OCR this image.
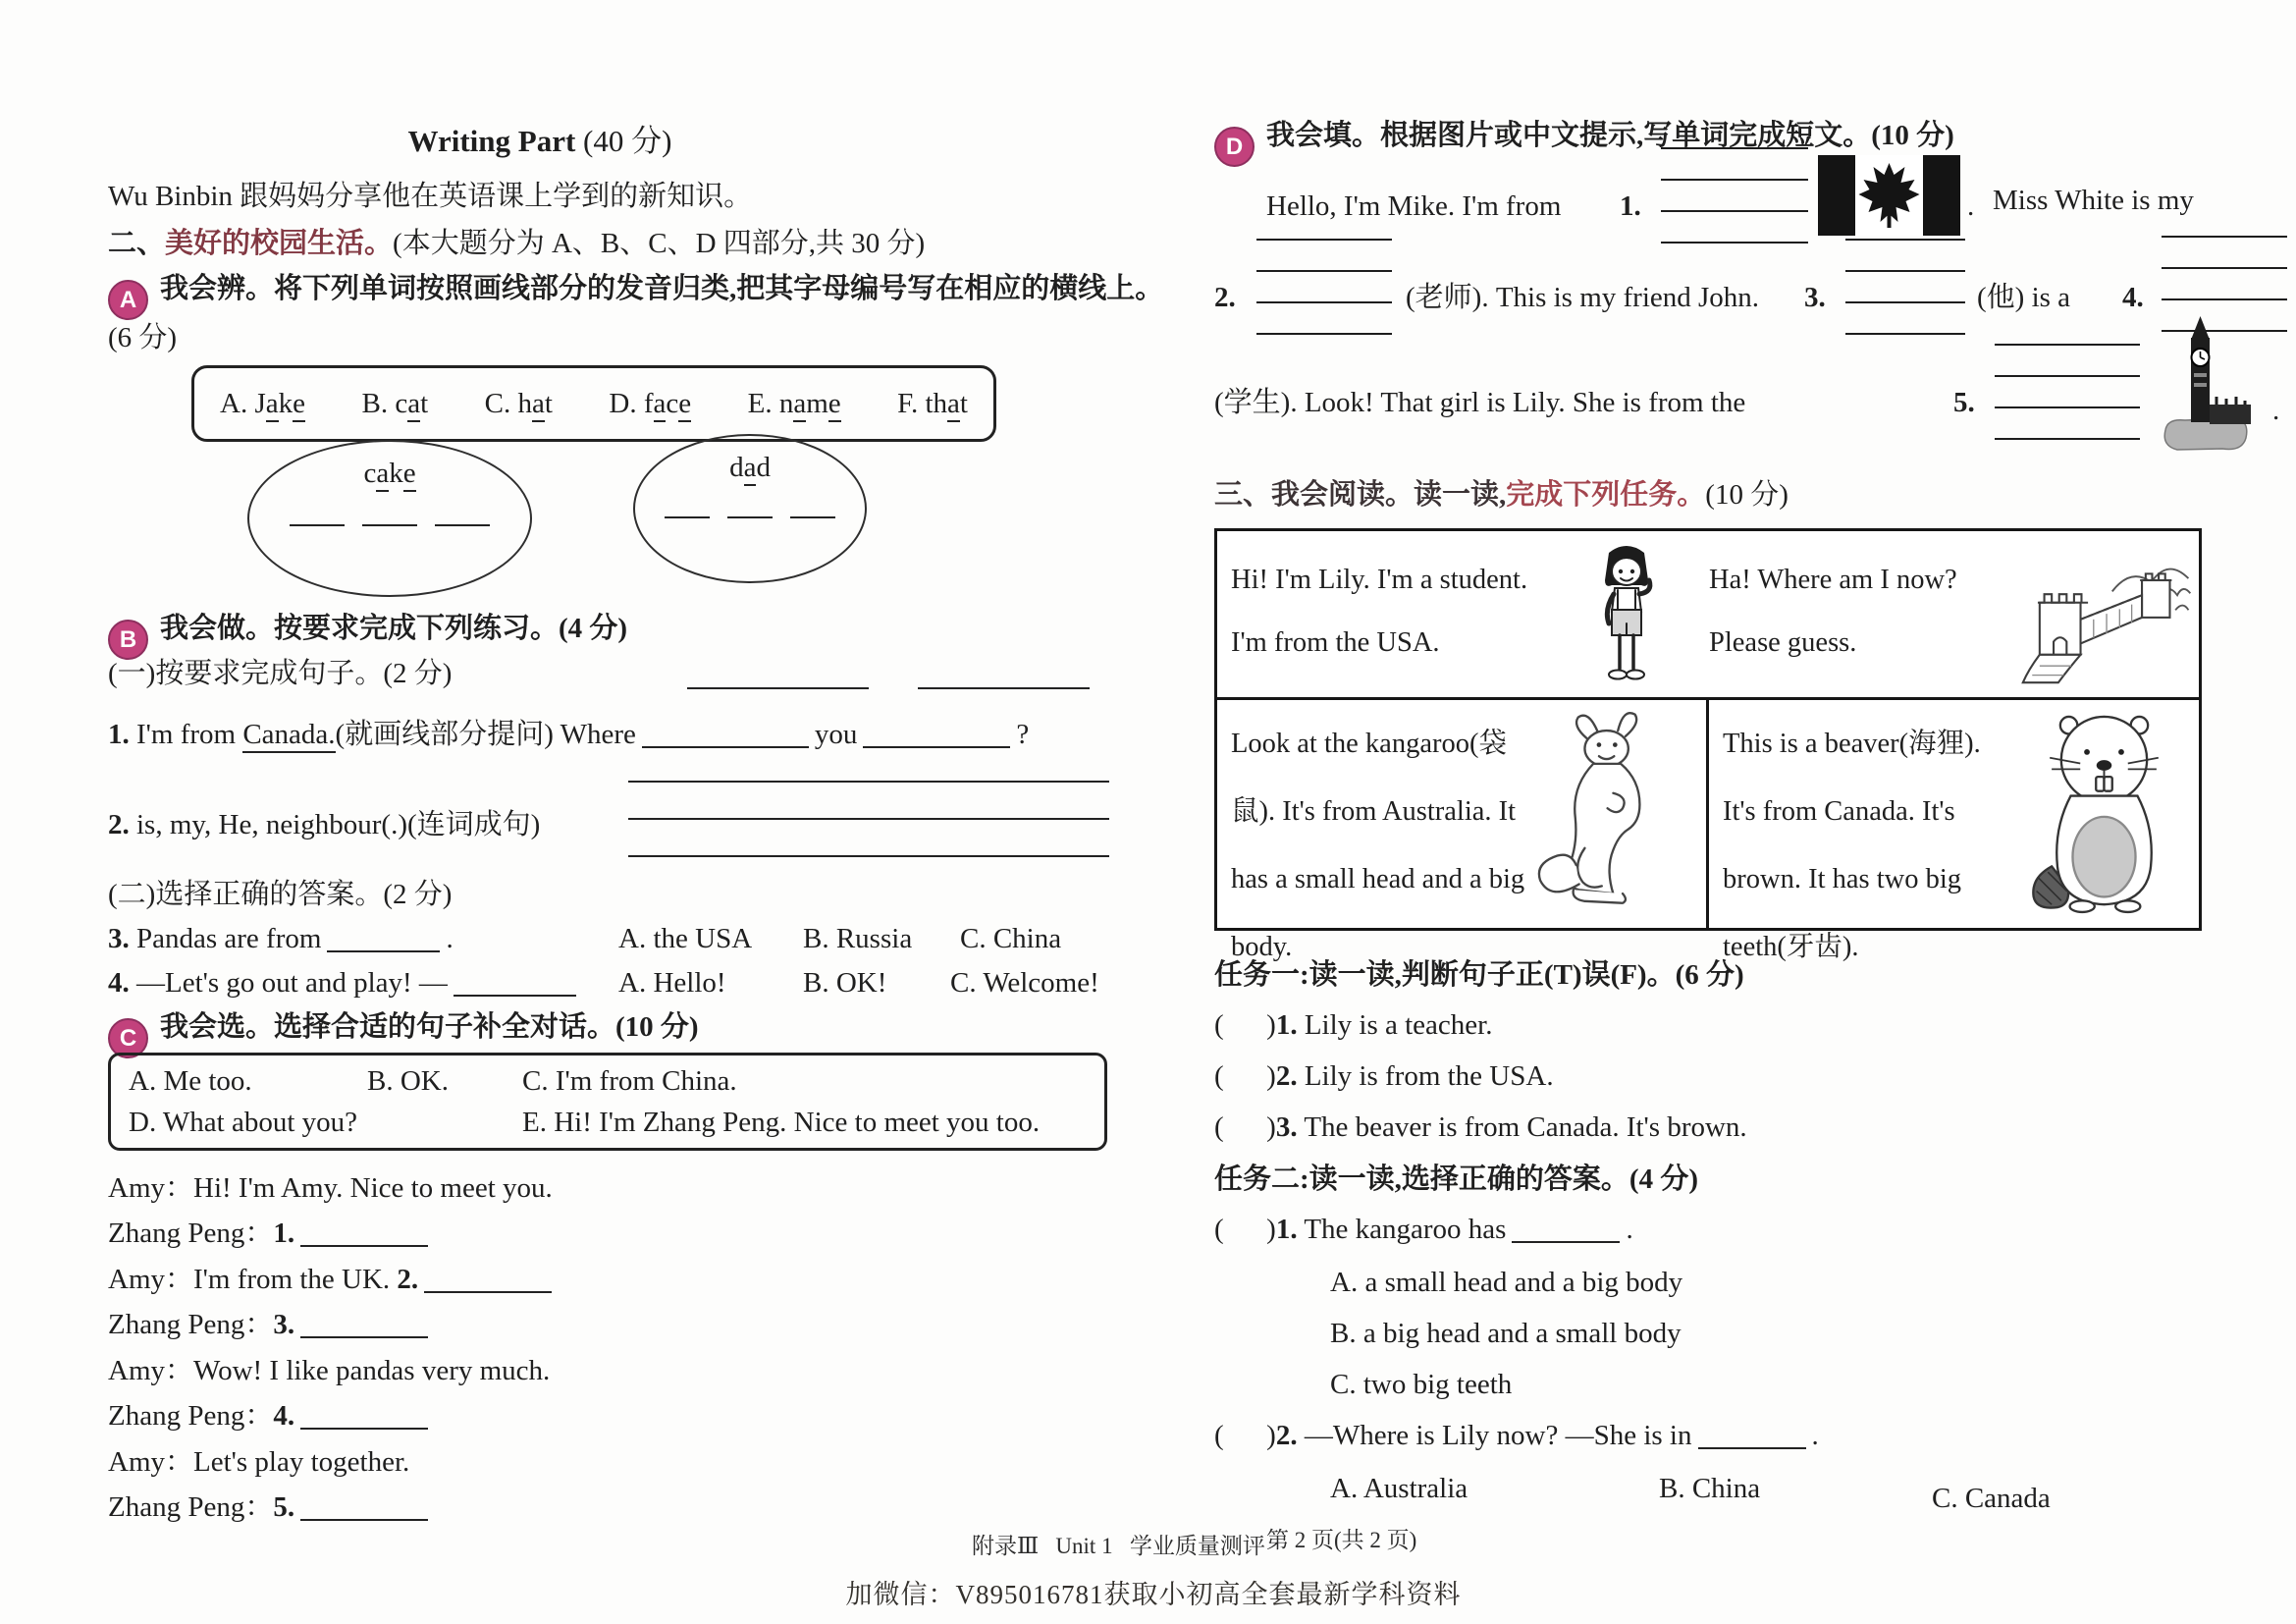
Writing Part (40 分)
Wu Binbin 跟妈妈分享他在英语课上学到的新知识。
二、美好的校园生活。(本大题分为 A、B、C、D 四部分,共 30 分)
A 我会辨。将下列单词按照画线部分的发音归类,把其字母编号写在相应的横线上。
(6 分)
A. Jake B. cat C. hat D. face E. name F. that
cake	dad
B 我会做。按要求完成下列练习。(4 分)
(一)按要求完成句子。(2 分)
1. I'm from Canada.(就画线部分提问) Where	you	?
2. is, my, He, neighbour(.)(连词成句)
(二)选择正确的答案。(2 分)
3. Pandas are from	.	A. the USA B. Russia C. China
4. —Let's go out and play! —	A. Hello!	B. OK! C. Welcome!
C 我会选。选择合适的句子补全对话。(10 分)
A. Me too.	B. OK.	C. I'm from China.
D. What about you?	E. Hi! I'm Zhang Peng. Nice to meet you too.
Amy：Hi! I'm Amy. Nice to meet you.
Zhang Peng：1.
Amy：I'm from the UK. 2.
Zhang Peng：3.
Amy：Wow! I like pandas very much.
Zhang Peng：4.
Amy：Let's play together.
Zhang Peng：5.
D 我会填。根据图片或中文提示,写单词完成短文。(10 分)
Hello, I'm Mike. I'm from 1.	. Miss White is my
2.	(老师). This is my friend John. 3.	(他) is a 4.
(学生). Look! That girl is Lily. She is from the	5.	.
三、我会阅读。读一读,完成下列任务。(10 分)

Hi! I'm Lily. I'm a student.

I'm from the USA.

Ha! Where am I now?

Please guess.

Look at the kangaroo(袋

鼠). It's from Australia. It

has a small head and a big

body.

This is a beaver(海狸).

It's from Canada. It's

brown. It has two big

teeth(牙齿).

任务一:读一读,判断句子正(T)误(F)。(6 分)
(      )1. Lily is a teacher.
(      )2. Lily is from the USA.
(      )3. The beaver is from Canada. It's brown.
任务二:读一读,选择正确的答案。(4 分)
(      )1. The kangaroo has	.
A. a small head and a big body
B. a big head and a small body
C. two big teeth
(      )2. —Where is Lily now? —She is in	.
A. Australia	B. China	C. Canada
附录Ⅲ   Unit 1   学业质量测评 第 2 页(共 2 页)
加微信：V895016781获取小初高全套最新学科资料
